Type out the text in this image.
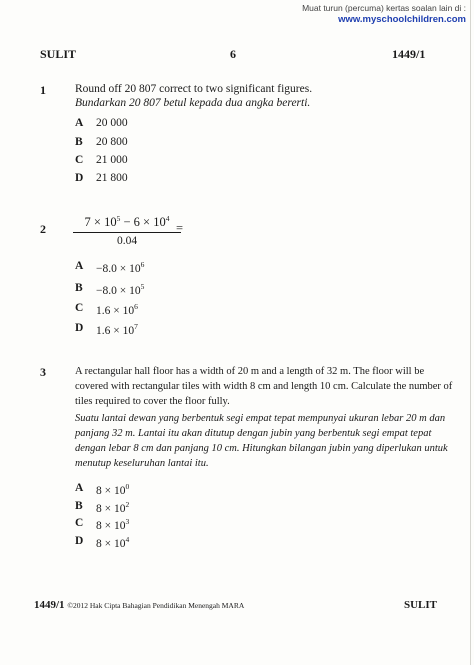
Muat turun (percuma) kertas soalan lain di :
www.myschoolchildren.com
SULIT	6	1449/1
1	Round off 20 807 correct to two significant figures.
Bundarkan 20 807 betul kepada dua angka bererti.
A 20 000
B 20 800
C 21 000
D 21 800
2	$7 \times 10^5 - 6 \times 10^4$
0.04
=
$A -8.0 \times 10^6$
$B -8.0 \times 10^5$
C $1.6 \times 10^6$
D $1.6 \times 10^7$
3	A rectangular hall floor has a width of 20 m and a length of 32 m. The floor will be
covered with rectangular tiles with width 8 cm and length 10 cm. Calculate the number of
tiles required to cover the floor fully.
Suatu lantai dewan yang berbentuk segi empat tepat mempunyai ukuran lebar 20 m dan
panjang 32 m. Lantai itu akan ditutup dengan jubin yang berbentuk segi empat tepat
dengan lebar 8 cm dan panjang 10 cm. Hitungkan bilangan jubin yang diperlukan untuk
menutup keseluruhan lantai itu.
A $8 \times 10^0$
B $8 \times 10^2$
C $8 \times 10^3$
D $8 \times 10^4$
1449/1 ©2012 Hak Cipta Bahagian Pendidikan Menengah MARA	SULIT
